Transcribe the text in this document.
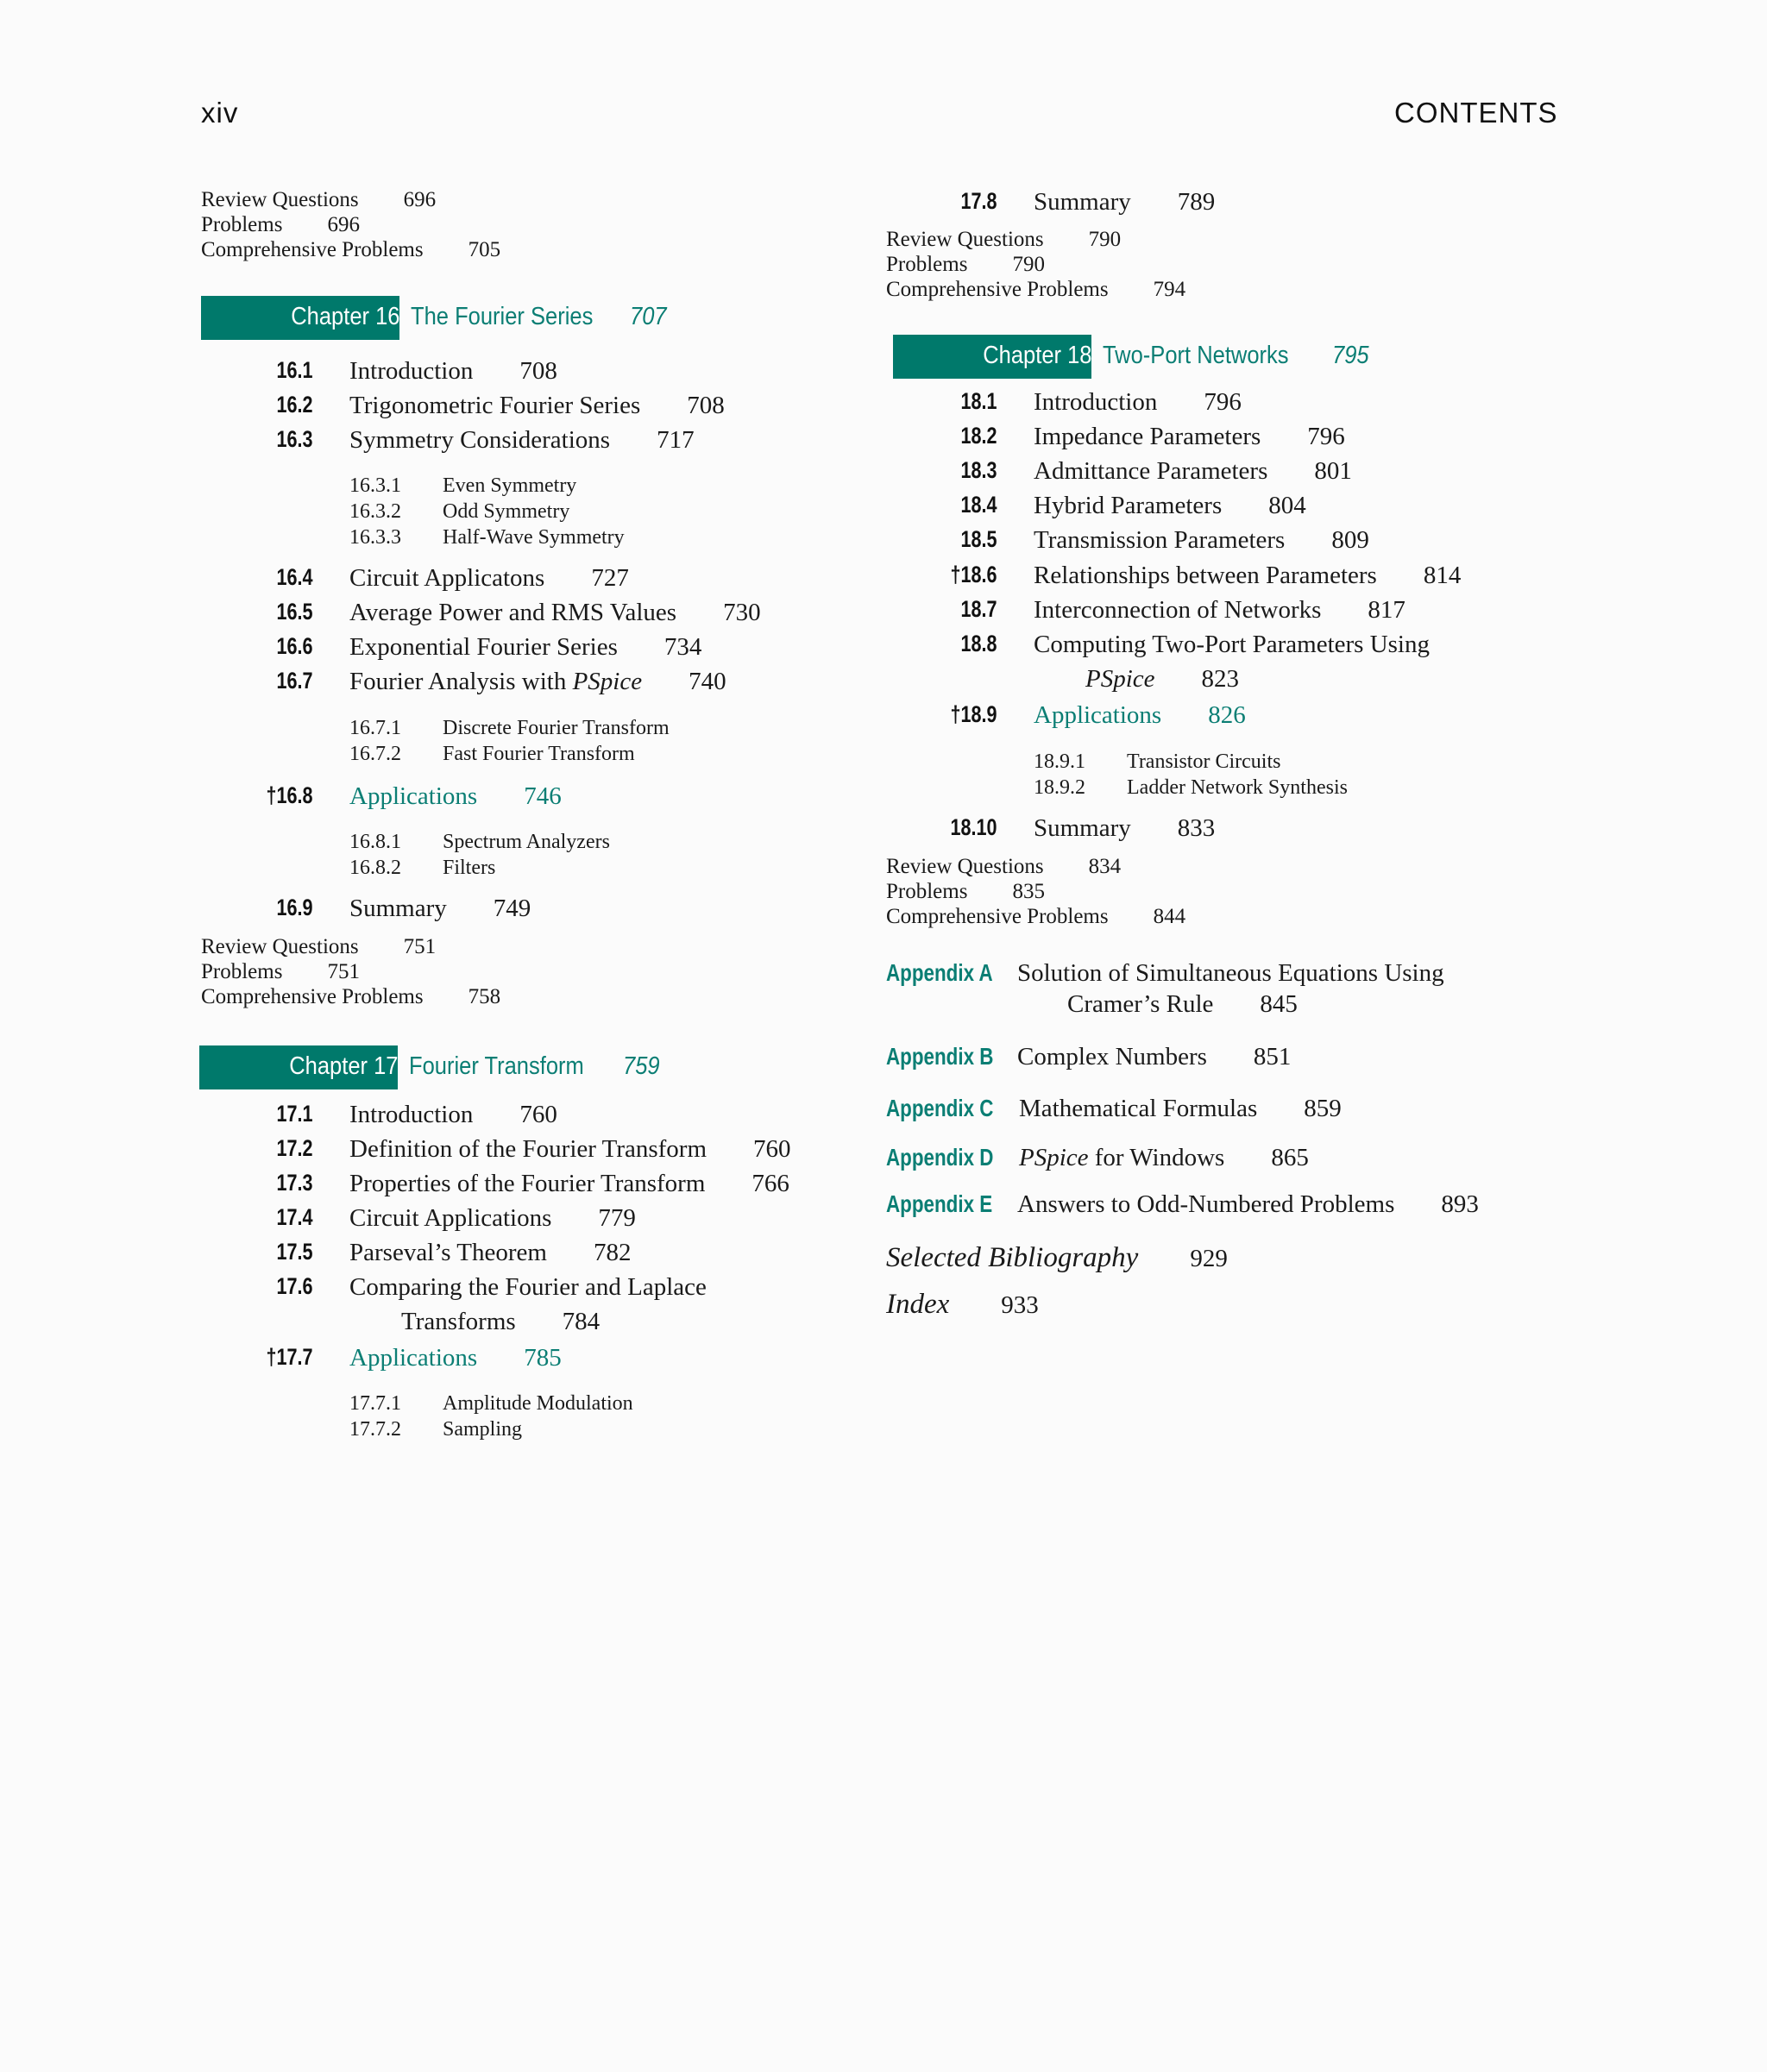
xiv	CONTENTS
Review Questions 696
Problems 696
Comprehensive Problems 705
Chapter 16 The Fourier Series 707
16.1 Introduction 708
16.2 Trigonometric Fourier Series 708
16.3 Symmetry Considerations 717
16.3.1 Even Symmetry
16.3.2 Odd Symmetry
16.3.3 Half-Wave Symmetry
16.4 Circuit Applicatons 727
16.5 Average Power and RMS Values 730
16.6 Exponential Fourier Series 734
16.7 Fourier Analysis with PSpice 740
16.7.1 Discrete Fourier Transform
16.7.2 Fast Fourier Transform
†16.8 Applications 746
16.8.1 Spectrum Analyzers
16.8.2 Filters
16.9 Summary 749
Review Questions 751
Problems 751
Comprehensive Problems 758
Chapter 17 Fourier Transform 759
17.1 Introduction 760
17.2 Definition of the Fourier Transform 760
17.3 Properties of the Fourier Transform 766
17.4 Circuit Applications 779
17.5 Parseval’s Theorem 782
17.6 Comparing the Fourier and Laplace
Transforms 784
†17.7 Applications 785
17.7.1 Amplitude Modulation
17.7.2 Sampling
17.8 Summary 789
Review Questions 790
Problems 790
Comprehensive Problems 794
Chapter 18 Two-Port Networks 795
18.1 Introduction 796
18.2 Impedance Parameters 796
18.3 Admittance Parameters 801
18.4 Hybrid Parameters 804
18.5 Transmission Parameters 809
†18.6 Relationships between Parameters 814
18.7 Interconnection of Networks 817
18.8 Computing Two-Port Parameters Using
PSpice 823
†18.9 Applications 826
18.9.1 Transistor Circuits
18.9.2 Ladder Network Synthesis
18.10 Summary 833
Review Questions 834
Problems 835
Comprehensive Problems 844
Appendix A Solution of Simultaneous Equations Using
Cramer’s Rule 845
Appendix B Complex Numbers 851
Appendix C Mathematical Formulas 859
Appendix D PSpice for Windows 865
Appendix E Answers to Odd-Numbered Problems 893
Selected Bibliography 929
Index 933
